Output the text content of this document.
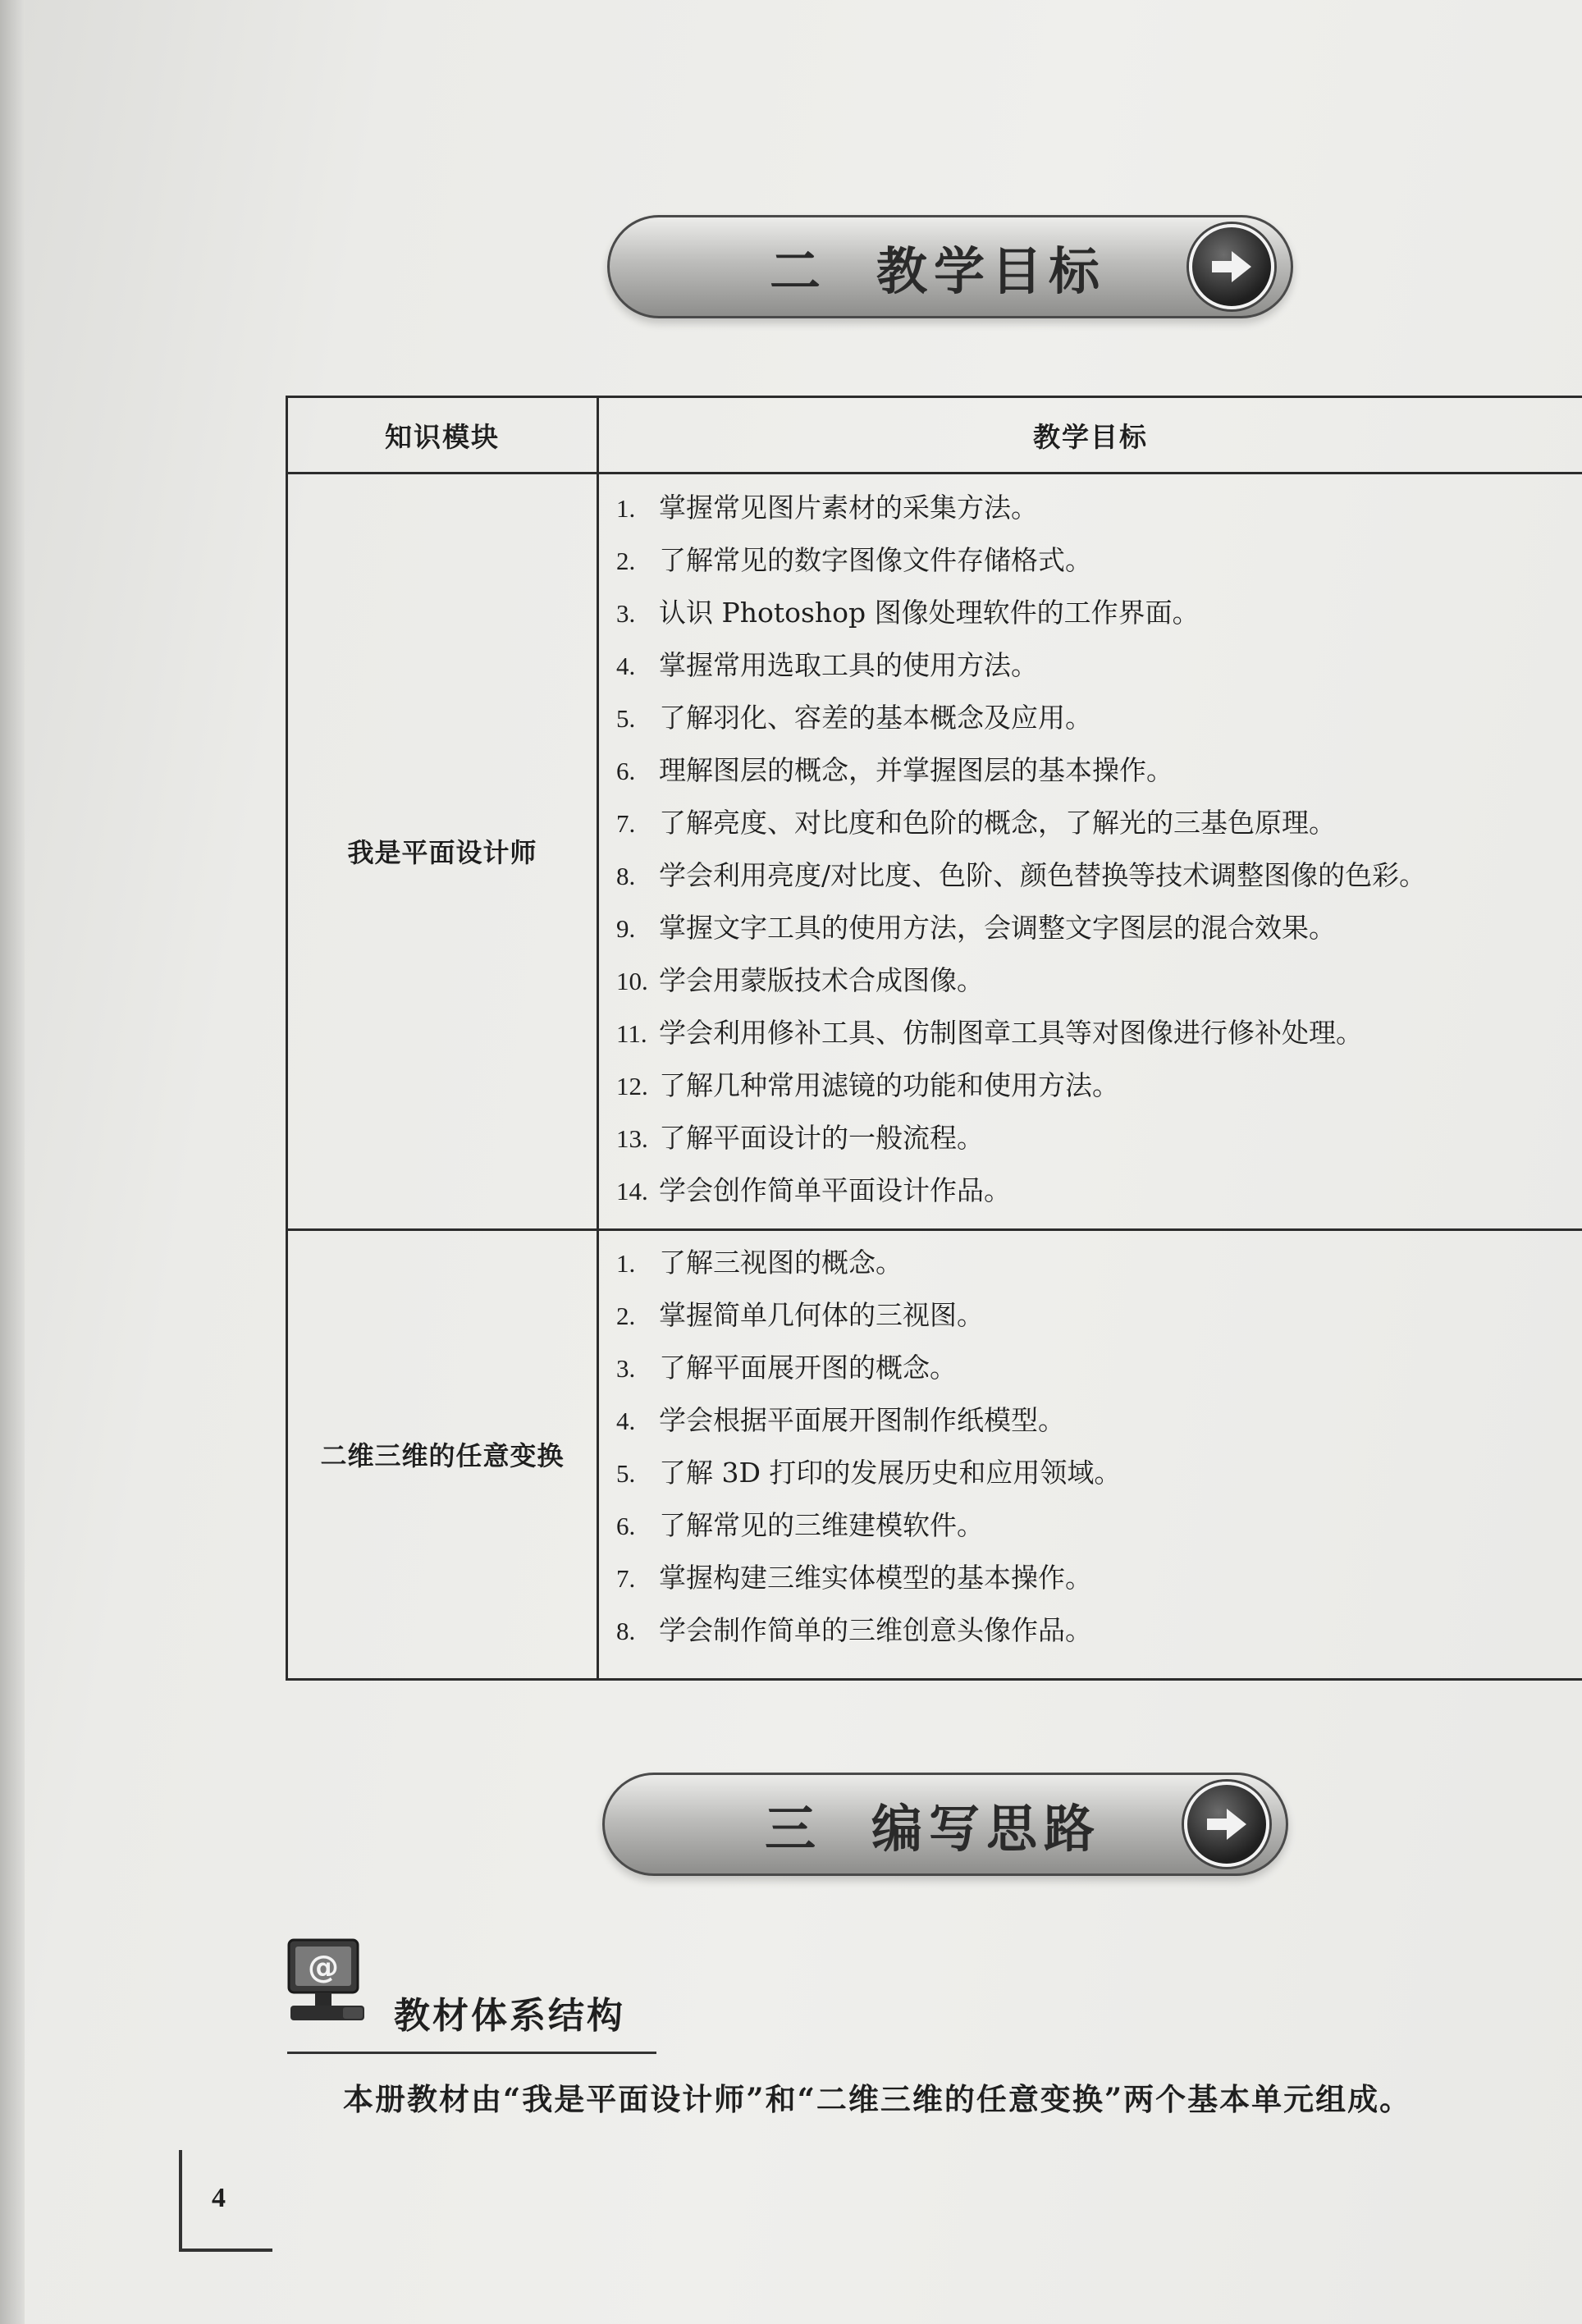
二 教学目标
知识模块	教学目标
我是平面设计师
1. 掌握常见图片素材的采集方法。
2. 了解常见的数字图像文件存储格式。
3. 认识 Photoshop 图像处理软件的工作界面。
4. 掌握常用选取工具的使用方法。
5. 了解羽化、容差的基本概念及应用。
6. 理解图层的概念，并掌握图层的基本操作。
7. 了解亮度、对比度和色阶的概念，了解光的三基色原理。
8. 学会利用亮度/对比度、色阶、颜色替换等技术调整图像的色彩。
9. 掌握文字工具的使用方法，会调整文字图层的混合效果。
10. 学会用蒙版技术合成图像。
11. 学会利用修补工具、仿制图章工具等对图像进行修补处理。
12. 了解几种常用滤镜的功能和使用方法。
13. 了解平面设计的一般流程。
14. 学会创作简单平面设计作品。
二维三维的任意变换
1. 了解三视图的概念。
2. 掌握简单几何体的三视图。
3. 了解平面展开图的概念。
4. 学会根据平面展开图制作纸模型。
5. 了解 3D 打印的发展历史和应用领域。
6. 了解常见的三维建模软件。
7. 掌握构建三维实体模型的基本操作。
8. 学会制作简单的三维创意头像作品。
三 编写思路
@
教材体系结构
本册教材由“我是平面设计师”和“二维三维的任意变换”两个基本单元组成。
4
